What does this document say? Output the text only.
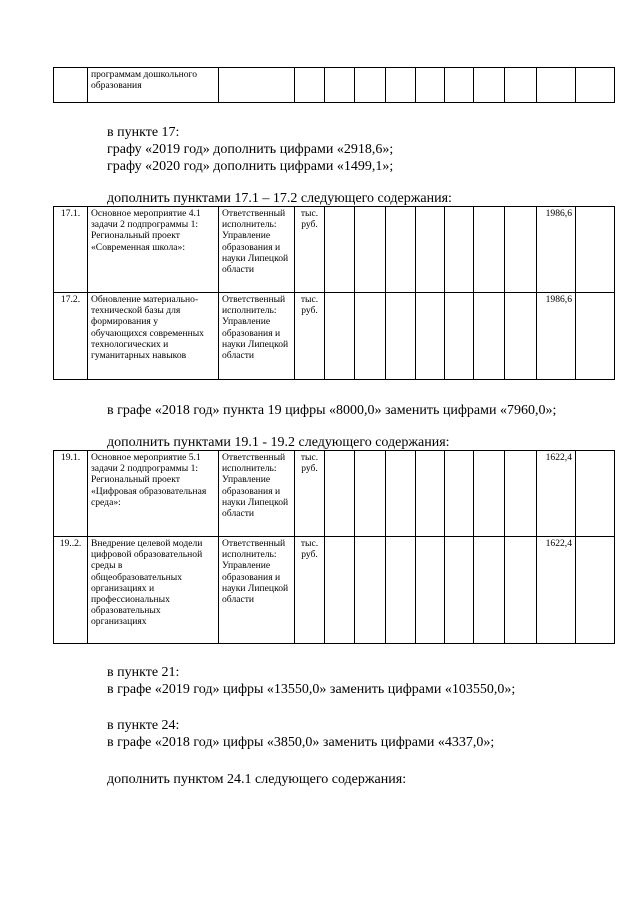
	программам дошкольного образования											
в пункте 17:
графу «2019 год» дополнить цифрами «2918,6»;
графу «2020 год» дополнить цифрами «1499,1»;
дополнить пунктами 17.1 – 17.2 следующего содержания:
17.1.	Основное мероприятие 4.1 задачи 2 подпрограммы 1: Региональный проект «Современная школа»:	Ответственный исполнитель: Управление образования и науки Липецкой области	тыс. руб.								1986,6	
17.2.	Обновление материально-технической базы для формирования у обучающихся современных технологических и гуманитарных навыков	Ответственный исполнитель: Управление образования и науки Липецкой области	тыс. руб.								1986,6	
в графе «2018 год» пункта 19 цифры «8000,0» заменить цифрами «7960,0»;
дополнить пунктами 19.1 - 19.2 следующего содержания:
19.1.	Основное мероприятие 5.1 задачи 2 подпрограммы 1: Региональный проект «Цифровая образовательная среда»:	Ответственный исполнитель: Управление образования и науки Липецкой области	тыс. руб.								1622,4	
19..2.	Внедрение целевой модели цифровой образовательной среды в общеобразовательных организациях и профессиональных образовательных организациях	Ответственный исполнитель: Управление образования и науки Липецкой области	тыс. руб.								1622,4	
в пункте 21:
в графе «2019 год» цифры «13550,0» заменить цифрами «103550,0»;
в пункте 24:
в графе «2018 год» цифры «3850,0» заменить цифрами «4337,0»;
дополнить пунктом 24.1 следующего содержания:
